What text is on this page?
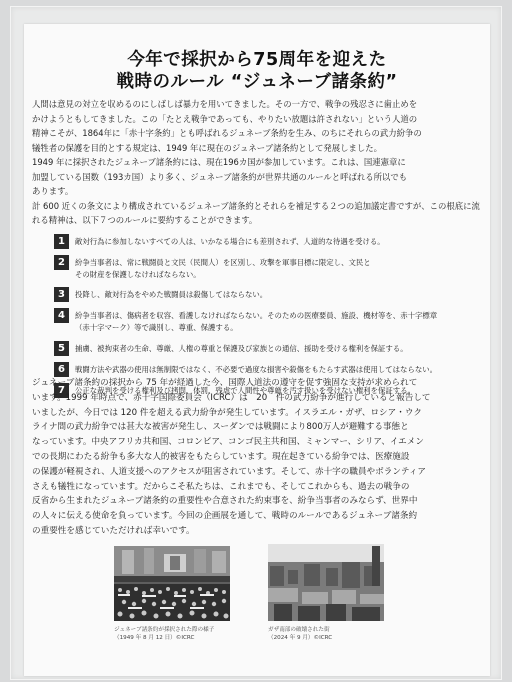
今年で採択から75周年を迎えた
戦時のルール “ジュネーブ諸条約”

人間は意見の対立を収めるのにしばしば暴力を用いてきました。その一方で、戦争の残忍さに歯止めを

かけようともしてきました。この「たとえ戦争であっても、やりたい放題は許されない」という人道の

精神こそが、1864年に「赤十字条約」とも呼ばれるジュネーブ条約を生み、のちにそれらの武力紛争の

犠牲者の保護を目的とする規定は、1949 年に現在のジュネーブ諸条約として発展しました。

1949 年に採択されたジュネーブ諸条約には、現在196カ国が参加しています。これは、国連憲章に

加盟している国数（193カ国）より多く、ジュネーブ諸条約が世界共通のルールと呼ばれる所以でも

あります。

計 600 近くの条文により構成されているジュネーブ諸条約とそれらを補足する２つの追加議定書ですが、この根底に流れる精神は、以下７つのルールに要約することができます。

1	敵対行為に参加しないすべての人は、いかなる場合にも差別されず、人道的な待遇を受ける。
2	紛争当事者は、常に戦闘員と文民（民間人）を区別し、攻撃を軍事目標に限定し、文民と
その財産を保護しなければならない。
3	投降し、敵対行為をやめた戦闘員は殺傷してはならない。
4	紛争当事者は、傷病者を収容、看護しなければならない。そのための医療要員、施設、機材等を、赤十字標章
（赤十字マーク）等で識別し、尊重、保護する。
5	捕虜、被拘束者の生命、尊厳、人権の尊重と保護及び家族との通信、援助を受ける権利を保証する。
6	戦闘方法や武器の使用は無制限ではなく、不必要で過度な損害や殺傷をもたらす武器は使用してはならない。
7	公正な裁判を受ける権利及び拷問、体罰、残虐で人間性や尊厳を汚す扱いを受けない権利を保証する。

ジュネーブ諸条約の採択から 75 年が経過した今、国際人道法の遵守を促す強固な支持が求められて

います。1999 年時点で、赤十字国際委員会（ICRC）は　20　件の武力紛争が進行していると報告して

いましたが、今日では 120 件を超える武力紛争が発生しています。イスラエル・ガザ、ロシア・ウク

ライナ間の武力紛争では甚大な被害が発生し、スーダンでは戦闘により800万人が避難する事態と

なっています。中央アフリカ共和国、コロンビア、コンゴ民主共和国、ミャンマー、シリア、イエメン

での長期にわたる紛争も多大な人的被害をもたらしています。現在起きている紛争では、医療施設

の保護が軽視され、人道支援へのアクセスが阻害されています。そして、赤十字の職員やボランティア

さえも犠牲になっています。だからこそ私たちは、これまでも、そしてこれからも、過去の戦争の

反省から生まれたジュネーブ諸条約の重要性や合意された約束事を、紛争当事者のみならず、世界中

の人々に伝える使命を負っています。今回の企画展を通して、戦時のルールであるジュネーブ諸条約

の重要性を感じていただければ幸いです。

ジュネーブ諸条約が採択された際の様子
（1949 年 8 月 12 日）©ICRC
ガザ南部の破壊された街
（2024 年 9 月）©ICRC
